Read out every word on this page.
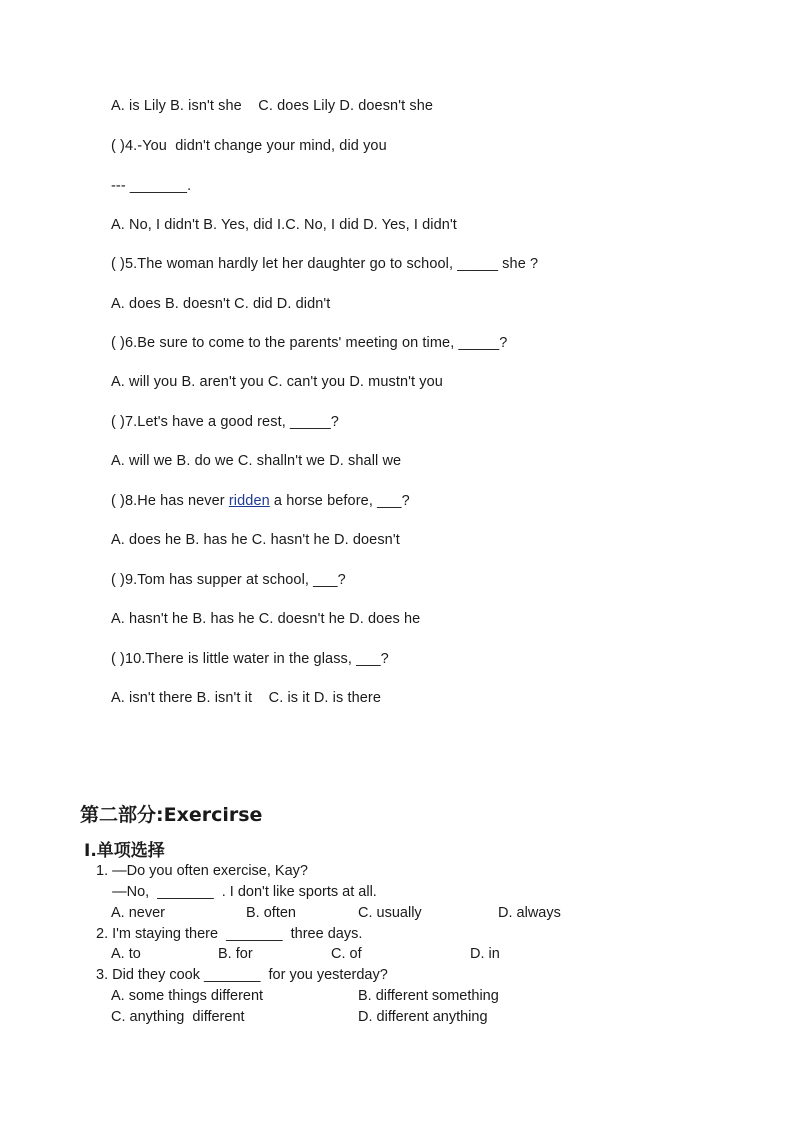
A. is Lily B. isn't she    C. does Lily D. doesn't she
( )4.-You  didn't change your mind, did you
--- _______.
A. No, I didn't B. Yes, did I.C. No, I did D. Yes, I didn't
( )5.The woman hardly let her daughter go to school, _____ she ?
A. does B. doesn't C. did D. didn't
( )6.Be sure to come to the parents' meeting on time, _____?
A. will you B. aren't you C. can't you D. mustn't you
( )7.Let's have a good rest, _____?
A. will we B. do we C. shalln't we D. shall we
( )8.He has never ridden a horse before, ___?
A. does he B. has he C. hasn't he D. doesn't
( )9.Tom has supper at school, ___?
A. hasn't he B. has he C. doesn't he D. does he
( )10.There is little water in the glass, ___?
A. isn't there B. isn't it    C. is it D. is there
第二部分:Exercirse
Ⅰ.单项选择
1. —Do you often exercise, Kay?
—No,  _______  . I don't like sports at all.
A. never	B. often	C. usually	D. always
2. I'm staying there  _______  three days.
A. to	B. for	C. of	D. in
3. Did they cook _______  for you yesterday?
A. some things different	B. different something
C. anything  different	D. different anything
